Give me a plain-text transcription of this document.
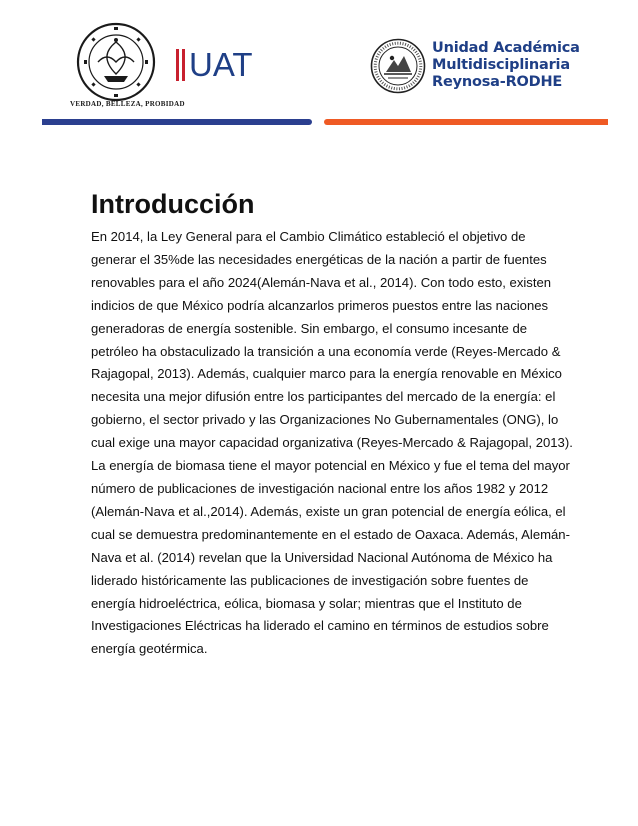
VERDAD, BELLEZA, PROBIDAD
UAT	Unidad Académica
Multidisciplinaria
Reynosa-RODHE
Introducción

En 2014, la Ley General para el Cambio Climático estableció el objetivo de
generar el 35%de las necesidades energéticas de la nación a partir de fuentes
renovables para el año 2024(Alemán-Nava et al., 2014). Con todo esto, existen
indicios de que México podría alcanzarlos primeros puestos entre las naciones
generadoras de energía sostenible. Sin embargo, el consumo incesante de
petróleo ha obstaculizado la transición a una economía verde (Reyes-Mercado &
Rajagopal, 2013). Además, cualquier marco para la energía renovable en México
necesita una mejor difusión entre los participantes del mercado de la energía: el
gobierno, el sector privado y las Organizaciones No Gubernamentales (ONG), lo
cual exige una mayor capacidad organizativa (Reyes-Mercado & Rajagopal, 2013).
La energía de biomasa tiene el mayor potencial en México y fue el tema del mayor
número de publicaciones de investigación nacional entre los años 1982 y 2012
(Alemán-Nava et al.,2014). Además, existe un gran potencial de energía eólica, el
cual se demuestra predominantemente en el estado de Oaxaca. Además, Alemán-
Nava et al. (2014) revelan que la Universidad Nacional Autónoma de México ha
liderado históricamente las publicaciones de investigación sobre fuentes de
energía hidroeléctrica, eólica, biomasa y solar; mientras que el Instituto de
Investigaciones Eléctricas ha liderado el camino en términos de estudios sobre
energía geotérmica.
